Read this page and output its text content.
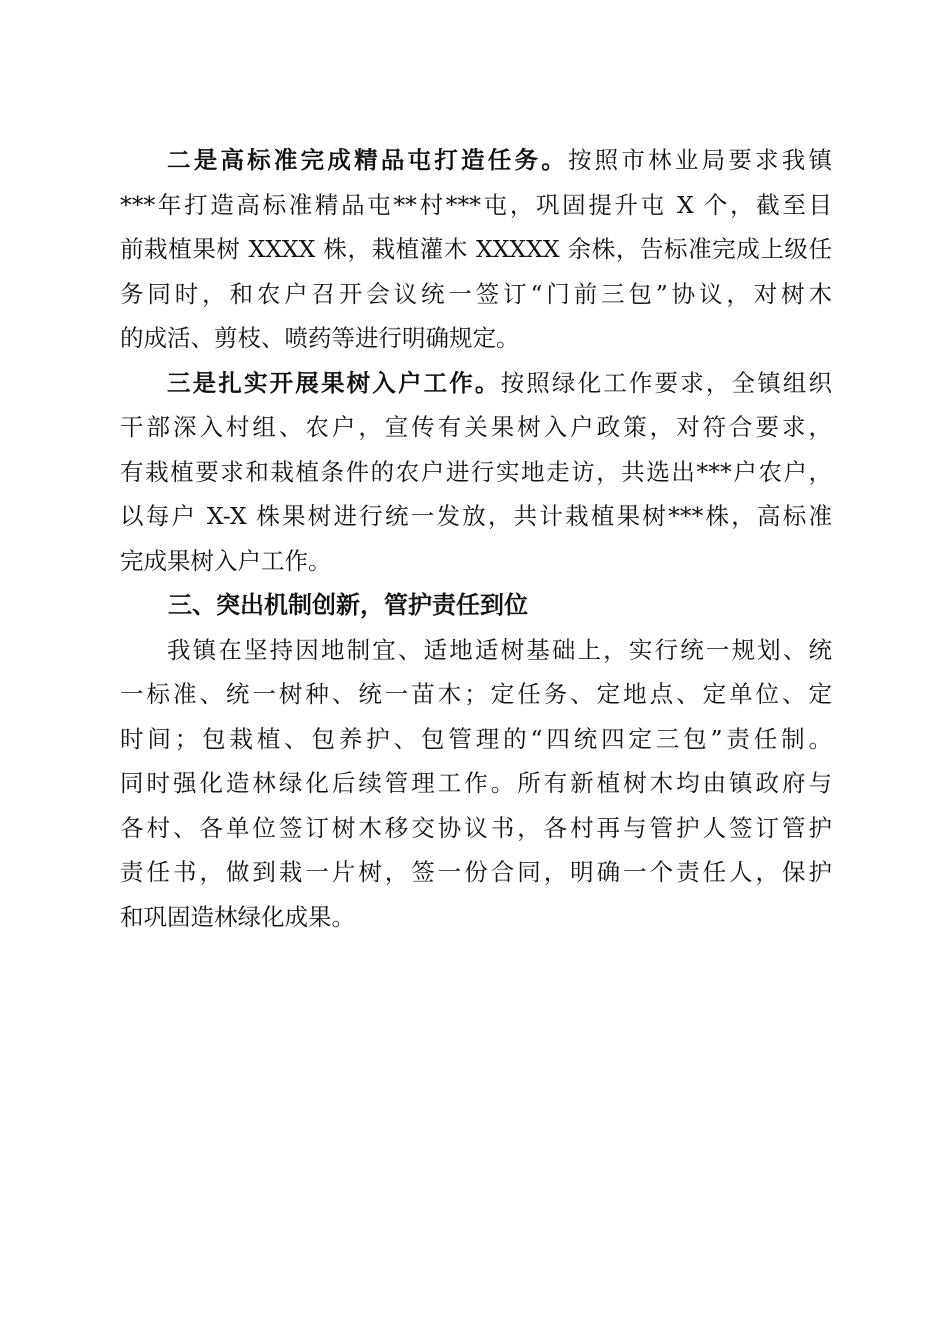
二是高标准完成精品屯打造任务。按照市林业局要求我镇
***年打造高标准精品屯**村***屯，巩固提升屯 X 个，截至目
前栽植果树 XXXX 株，栽植灌木 XXXXX 余株，告标准完成上级任
务同时，和农户召开会议统一签订“门前三包”协议，对树木
的成活、剪枝、喷药等进行明确规定。
三是扎实开展果树入户工作。按照绿化工作要求，全镇组织
干部深入村组、农户，宣传有关果树入户政策，对符合要求，
有栽植要求和栽植条件的农户进行实地走访，共选出***户农户，
以每户 X-X 株果树进行统一发放，共计栽植果树***株，高标准
完成果树入户工作。
三、突出机制创新，管护责任到位
我镇在坚持因地制宜、适地适树基础上，实行统一规划、统
一标准、统一树种、统一苗木；定任务、定地点、定单位、定
时间；包栽植、包养护、包管理的“四统四定三包”责任制。
同时强化造林绿化后续管理工作。所有新植树木均由镇政府与
各村、各单位签订树木移交协议书，各村再与管护人签订管护
责任书，做到栽一片树，签一份合同，明确一个责任人，保护
和巩固造林绿化成果。
